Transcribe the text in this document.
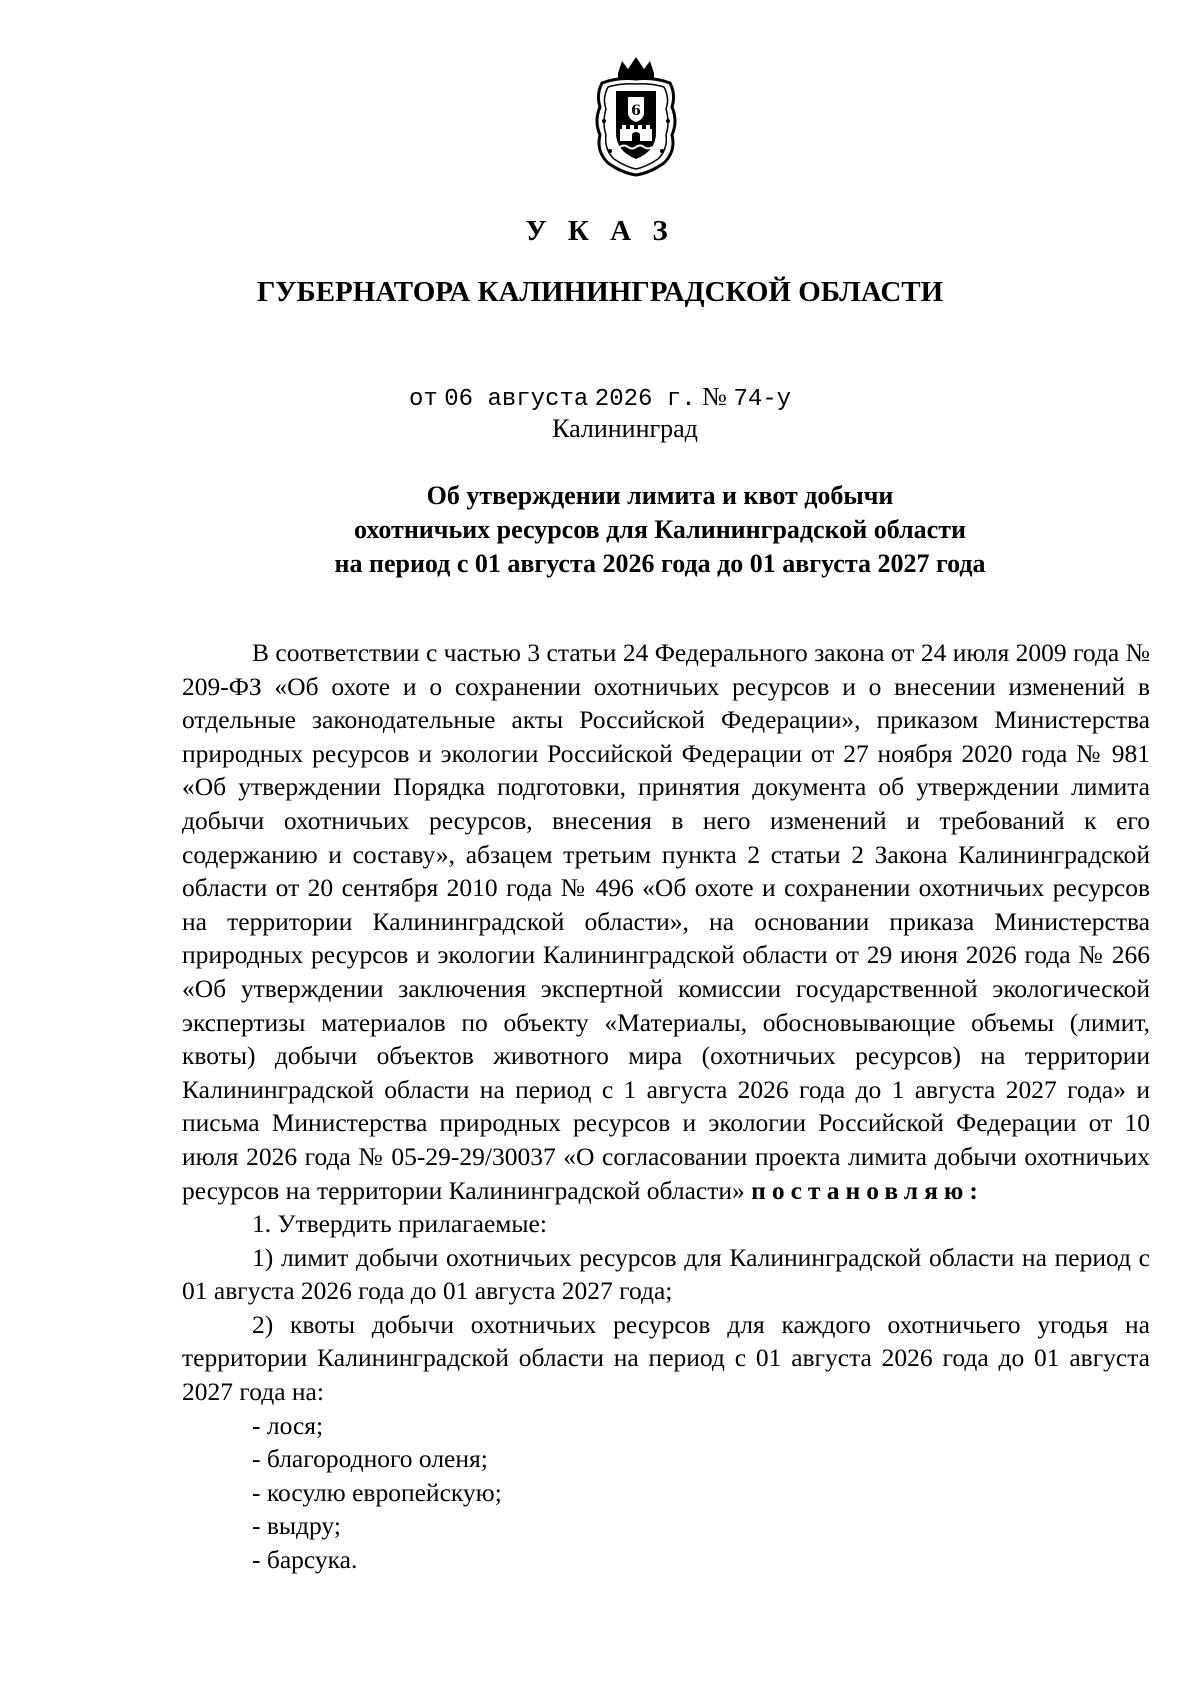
6
У К А З
ГУБЕРНАТОРА КАЛИНИНГРАДСКОЙ ОБЛАСТИ
от 06 августа 2026 г. № 74-у
Калининград
Об утверждении лимита и квот добычи
охотничьих ресурсов для Калининградской области
на период с 01 августа 2026 года до 01 августа 2027 года

В соответствии с частью 3 статьи 24 Федерального закона от 24 июля 2009 года № 209-ФЗ «Об охоте и о сохранении охотничьих ресурсов и о внесении изменений в отдельные законодательные акты Российской Федерации», приказом Министерства природных ресурсов и экологии Российской Федерации от 27 ноября 2020 года № 981 «Об утверждении Порядка подготовки, принятия документа об утверждении лимита добычи охотничьих ресурсов, внесения в него изменений и требований к его содержанию и составу», абзацем третьим пункта 2 статьи 2 Закона Калининградской области от 20 сентября 2010 года № 496 «Об охоте и сохранении охотничьих ресурсов на территории Калининградской области», на основании приказа Министерства природных ресурсов и экологии Калининградской области от 29 июня 2026 года № 266 «Об утверждении заключения экспертной комиссии государственной экологической экспертизы материалов по объекту «Материалы, обосновывающие объемы (лимит, квоты) добычи объектов животного мира (охотничьих ресурсов) на территории Калининградской области на период с 1 августа 2026 года до 1 августа 2027 года» и письма Министерства природных ресурсов и экологии Российской Федерации от 10 июля 2026 года № 05-29-29/30037 «О согласовании проекта лимита добычи охотничьих ресурсов на территории Калининградской области» постановляю:

1. Утвердить прилагаемые:

1) лимит добычи охотничьих ресурсов для Калининградской области на период с 01 августа 2026 года до 01 августа 2027 года;

2) квоты добычи охотничьих ресурсов для каждого охотничьего угодья на территории Калининградской области на период с 01 августа 2026 года до 01 августа 2027 года на:

- лося;

- благородного оленя;

- косулю европейскую;

- выдру;

- барсука.
